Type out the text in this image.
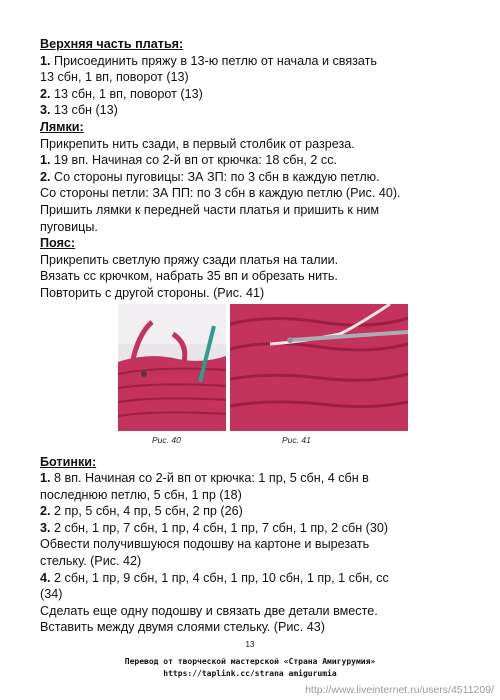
Верхняя часть платья:
1. Присоединить пряжу в 13-ю петлю от начала и связать
13 сбн, 1 вп, поворот (13)
2. 13 сбн, 1 вп, поворот (13)
3. 13 сбн (13)
Лямки:
Прикрепить нить сзади, в первый столбик от разреза.
1. 19 вп. Начиная со 2-й вп от крючка: 18 сбн, 2 сс.
2. Со стороны пуговицы: ЗА ЗП: по 3 сбн в каждую петлю.
Со стороны петли: ЗА ПП: по 3 сбн в каждую петлю (Рис. 40).
Пришить лямки к передней части платья и пришить к ним
пуговицы.
Пояс:
Прикрепить светлую пряжу сзади платья на талии.
Вязать сс крючком, набрать 35 вп и обрезать нить.
Повторить с другой стороны. (Рис. 41)
Рис. 40	Рис. 41
Ботинки:
1. 8 вп. Начиная со 2-й вп от крючка: 1 пр, 5 сбн, 4 сбн в
последнюю петлю, 5 сбн, 1 пр (18)
2. 2 пр, 5 сбн, 4 пр, 5 сбн, 2 пр (26)
3. 2 сбн, 1 пр, 7 сбн, 1 пр, 4 сбн, 1 пр, 7 сбн, 1 пр, 2 сбн (30)
Обвести получившуюся подошву на картоне и вырезать
стельку. (Рис. 42)
4. 2 сбн, 1 пр, 9 сбн, 1 пр, 4 сбн, 1 пр, 10 сбн, 1 пр, 1 сбн, сс
(34)
Сделать еще одну подошву и связать две детали вместе.
Вставить между двумя слоями стельку. (Рис. 43)
13
Перевод от творческой мастерской «Страна Амигурумия»
https://taplink.cc/strana amigurumia
http://www.liveinternet.ru/users/4511209/
